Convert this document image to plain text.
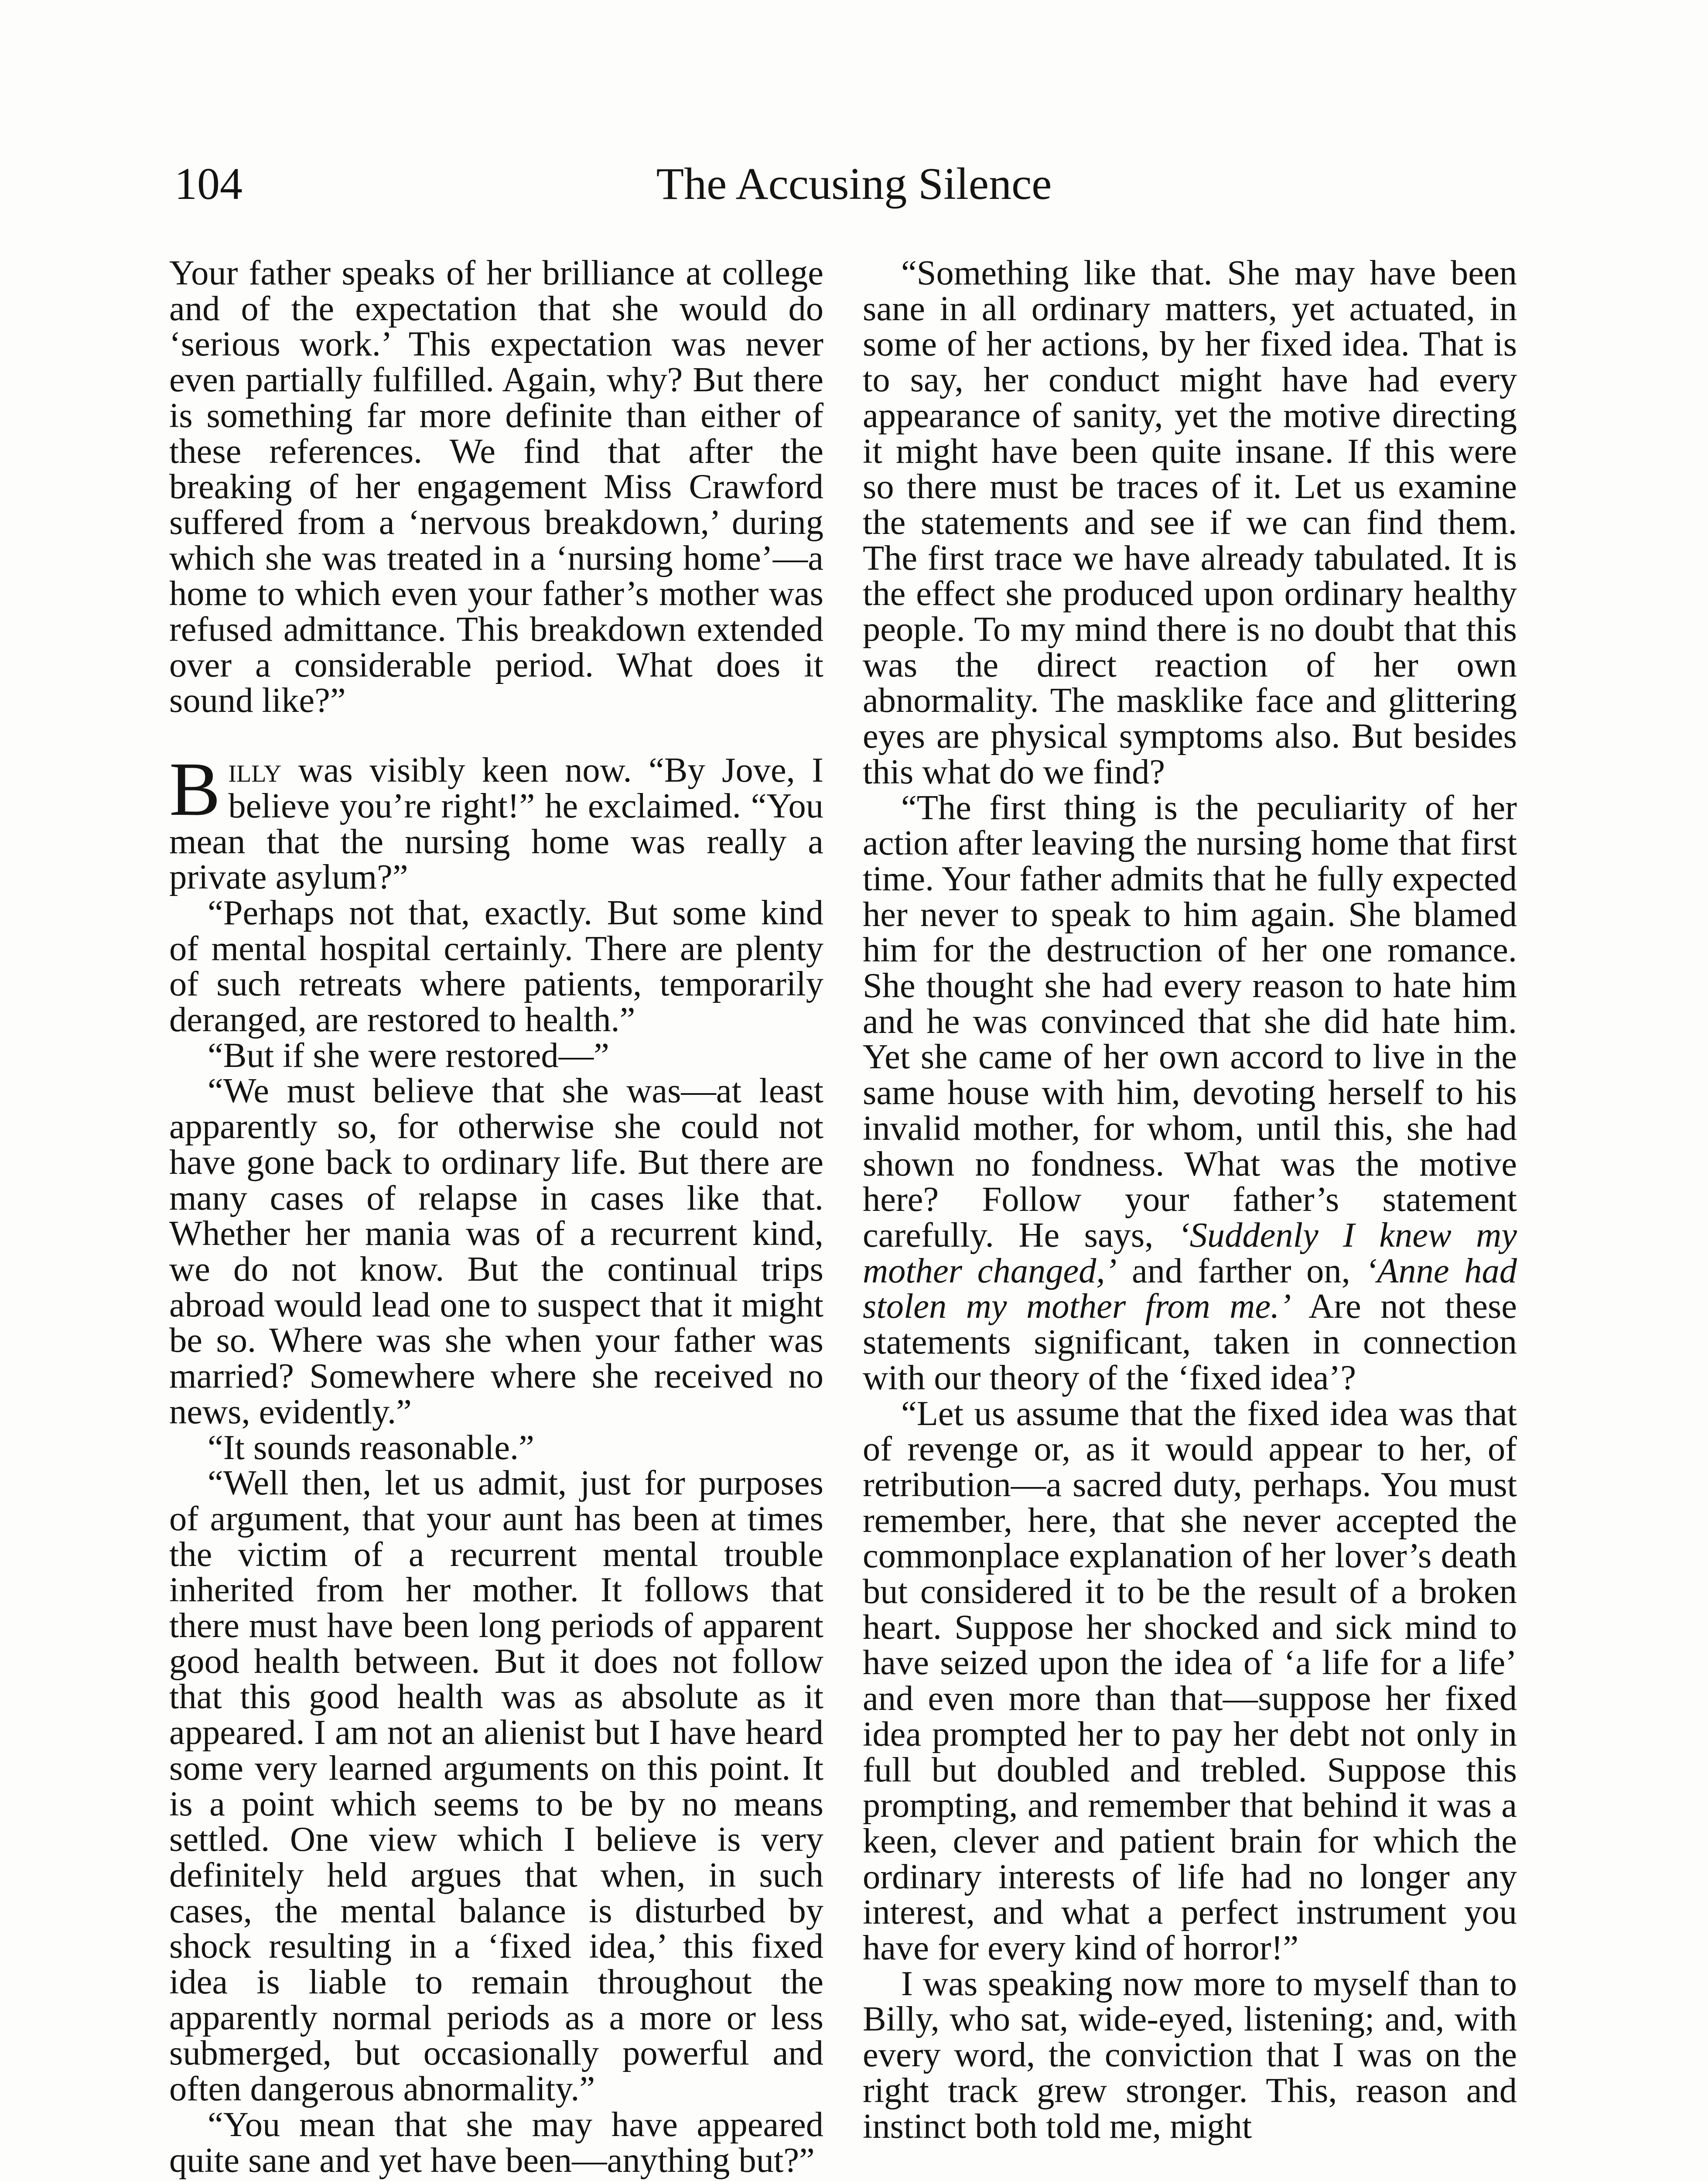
104	The Accusing Silence

Your father speaks of her brilliance at college and of the expectation that she would do ‘serious work.’ This expectation was never even partially fulfilled. Again, why? But there is something far more definite than either of these references. We find that after the breaking of her engagement Miss Crawford suffered from a ‘nervous breakdown,’ during which she was treated in a ‘nursing home’—a home to which even your father’s mother was refused admittance. This breakdown extended over a considerable period. What does it sound like?”

Billy was visibly keen now. “By Jove, I believe you’re right!” he exclaimed. “You mean that the nursing home was really a private asylum?”

“Perhaps not that, exactly. But some kind of mental hospital certainly. There are plenty of such retreats where patients, temporarily deranged, are restored to health.”

“But if she were restored—”

“We must believe that she was—at least apparently so, for otherwise she could not have gone back to ordinary life. But there are many cases of relapse in cases like that. Whether her mania was of a recurrent kind, we do not know. But the continual trips abroad would lead one to suspect that it might be so. Where was she when your father was married? Somewhere where she received no news, evidently.”

“It sounds reasonable.”

“Well then, let us admit, just for purposes of argument, that your aunt has been at times the victim of a recurrent mental trouble inherited from her mother. It follows that there must have been long periods of apparent good health between. But it does not follow that this good health was as absolute as it appeared. I am not an alienist but I have heard some very learned arguments on this point. It is a point which seems to be by no means settled. One view which I believe is very definitely held argues that when, in such cases, the mental balance is disturbed by shock resulting in a ‘fixed idea,’ this fixed idea is liable to remain throughout the apparently normal periods as a more or less submerged, but occasionally powerful and often dangerous abnormality.”

“You mean that she may have appeared quite sane and yet have been—anything but?”

“Something like that. She may have been sane in all ordinary matters, yet actuated, in some of her actions, by her fixed idea. That is to say, her conduct might have had every appearance of sanity, yet the motive directing it might have been quite insane. If this were so there must be traces of it. Let us examine the statements and see if we can find them. The first trace we have already tabulated. It is the effect she produced upon ordinary healthy people. To my mind there is no doubt that this was the direct reaction of her own abnormality. The masklike face and glittering eyes are physical symptoms also. But besides this what do we find?

“The first thing is the peculiarity of her action after leaving the nursing home that first time. Your father admits that he fully expected her never to speak to him again. She blamed him for the destruction of her one romance. She thought she had every reason to hate him and he was convinced that she did hate him. Yet she came of her own accord to live in the same house with him, devoting herself to his invalid mother, for whom, until this, she had shown no fondness. What was the motive here? Follow your father’s statement carefully. He says, ‘Suddenly I knew my mother changed,’ and farther on, ‘Anne had stolen my mother from me.’ Are not these statements significant, taken in connection with our theory of the ‘fixed idea’?

“Let us assume that the fixed idea was that of revenge or, as it would appear to her, of retribution—a sacred duty, perhaps. You must remember, here, that she never accepted the commonplace explanation of her lover’s death but considered it to be the result of a broken heart. Suppose her shocked and sick mind to have seized upon the idea of ‘a life for a life’ and even more than that—suppose her fixed idea prompted her to pay her debt not only in full but doubled and trebled. Suppose this prompting, and remember that behind it was a keen, clever and patient brain for which the ordinary interests of life had no longer any interest, and what a perfect instrument you have for every kind of horror!”

I was speaking now more to myself than to Billy, who sat, wide-eyed, listening; and, with every word, the conviction that I was on the right track grew stronger. This, reason and instinct both told me, might
